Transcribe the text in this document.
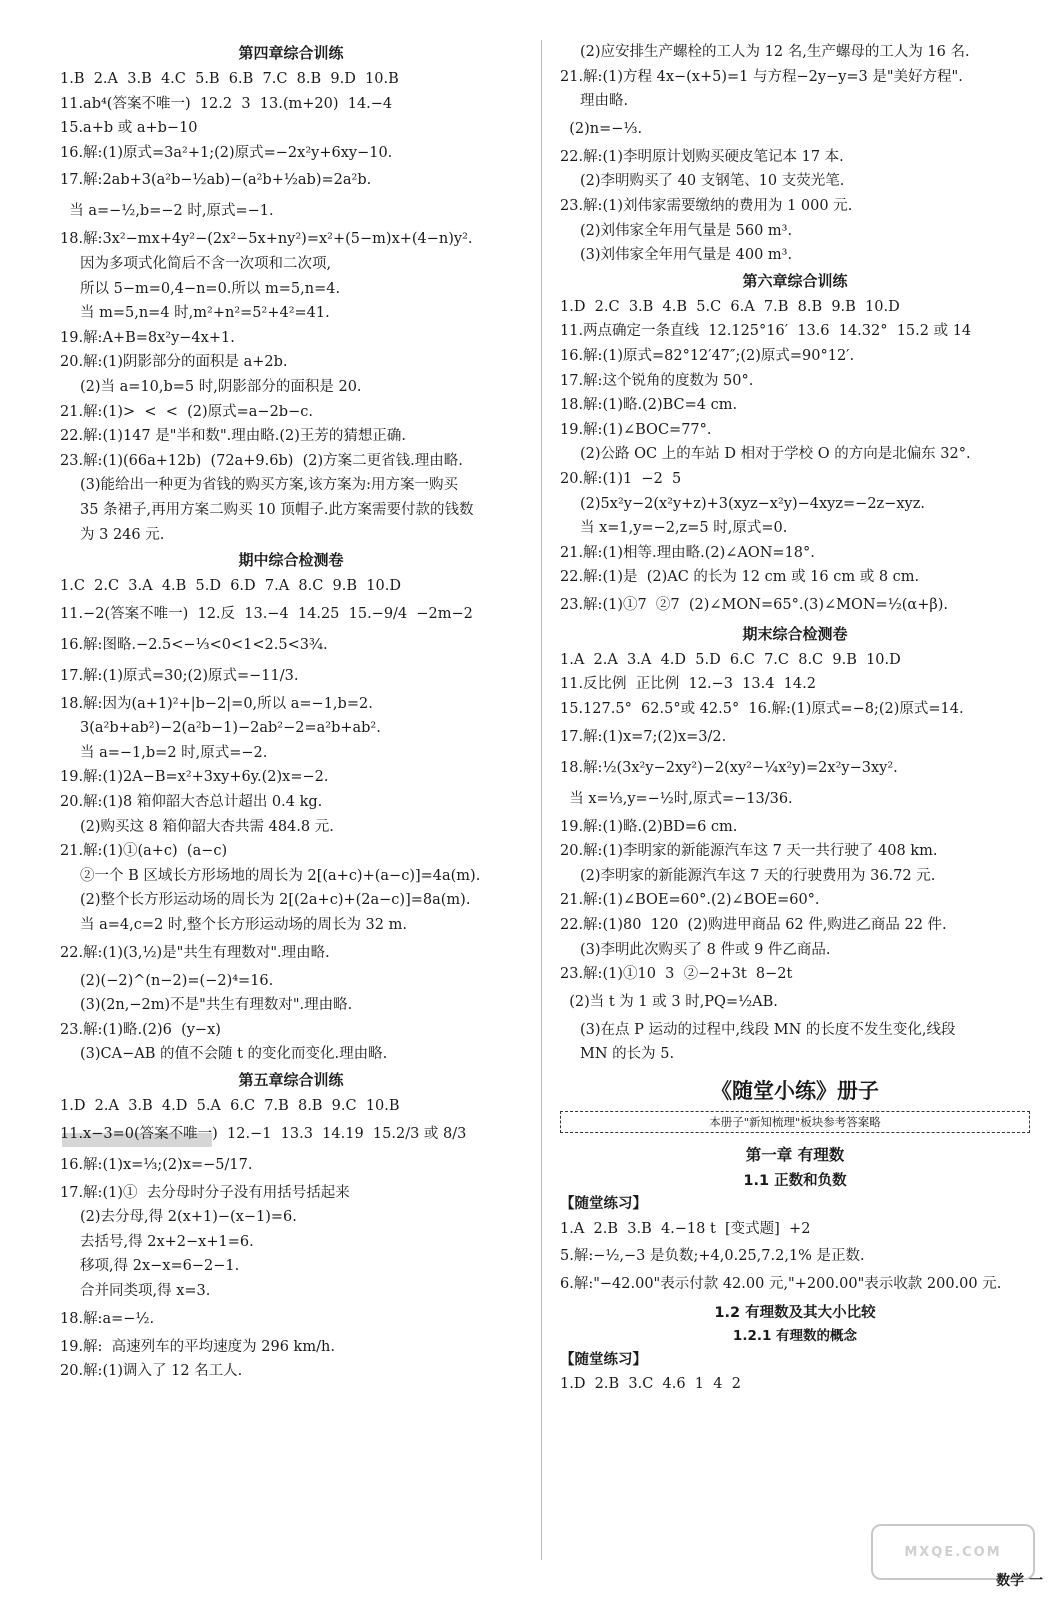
第四章综合训练
1.B  2.A  3.B  4.C  5.B  6.B  7.C  8.B  9.D  10.B
11.ab⁴(答案不唯一)  12.2  3  13.(m+20)  14.−4
15.a+b 或 a+b−10
16.解:(1)原式=3a²+1;(2)原式=−2x²y+6xy−10.
17.解:2ab+3(a²b−½ab)−(a²b+½ab)=2a²b.
当 a=−½,b=−2 时,原式=−1.
18.解:3x²−mx+4y²−(2x²−5x+ny²)=x²+(5−m)x+(4−n)y².
因为多项式化简后不含一次项和二次项,
所以 5−m=0,4−n=0.所以 m=5,n=4.
当 m=5,n=4 时,m²+n²=5²+4²=41.
19.解:A+B=8x²y−4x+1.
20.解:(1)阴影部分的面积是 a+2b.
(2)当 a=10,b=5 时,阴影部分的面积是 20.
21.解:(1)>  <  <  (2)原式=a−2b−c.
22.解:(1)147 是"半和数".理由略.(2)王芳的猜想正确.
23.解:(1)(66a+12b)  (72a+9.6b)  (2)方案二更省钱.理由略.
(3)能给出一种更为省钱的购买方案,该方案为:用方案一购买
35 条裙子,再用方案二购买 10 顶帽子.此方案需要付款的钱数
为 3 246 元.
期中综合检测卷
1.C  2.C  3.A  4.B  5.D  6.D  7.A  8.C  9.B  10.D
11.−2(答案不唯一)  12.反  13.−4  14.25  15.−9/4  −2m−2
16.解:图略.−2.5<−⅓<0<1<2.5<3¾.
17.解:(1)原式=30;(2)原式=−11/3.
18.解:因为(a+1)²+|b−2|=0,所以 a=−1,b=2.
3(a²b+ab²)−2(a²b−1)−2ab²−2=a²b+ab².
当 a=−1,b=2 时,原式=−2.
19.解:(1)2A−B=x²+3xy+6y.(2)x=−2.
20.解:(1)8 箱仰韶大杏总计超出 0.4 kg.
(2)购买这 8 箱仰韶大杏共需 484.8 元.
21.解:(1)①(a+c)  (a−c)
②一个 B 区域长方形场地的周长为 2[(a+c)+(a−c)]=4a(m).
(2)整个长方形运动场的周长为 2[(2a+c)+(2a−c)]=8a(m).
当 a=4,c=2 时,整个长方形运动场的周长为 32 m.
22.解:(1)(3,½)是"共生有理数对".理由略.
(2)(−2)^(n−2)=(−2)⁴=16.
(3)(2n,−2m)不是"共生有理数对".理由略.
23.解:(1)略.(2)6  (y−x)
(3)CA−AB 的值不会随 t 的变化而变化.理由略.
第五章综合训练
1.D  2.A  3.B  4.D  5.A  6.C  7.B  8.B  9.C  10.B
11.x−3=0(答案不唯一)  12.−1  13.3  14.19  15.2/3 或 8/3
16.解:(1)x=⅓;(2)x=−5/17.
17.解:(1)①  去分母时分子没有用括号括起来
(2)去分母,得 2(x+1)−(x−1)=6.
去括号,得 2x+2−x+1=6.
移项,得 2x−x=6−2−1.
合并同类项,得 x=3.
18.解:a=−½.
19.解:  高速列车的平均速度为 296 km/h.
20.解:(1)调入了 12 名工人.
(2)应安排生产螺栓的工人为 12 名,生产螺母的工人为 16 名.
21.解:(1)方程 4x−(x+5)=1 与方程−2y−y=3 是"美好方程".
理由略.
(2)n=−⅓.
22.解:(1)李明原计划购买硬皮笔记本 17 本.
(2)李明购买了 40 支钢笔、10 支荧光笔.
23.解:(1)刘伟家需要缴纳的费用为 1 000 元.
(2)刘伟家全年用气量是 560 m³.
(3)刘伟家全年用气量是 400 m³.
第六章综合训练
1.D  2.C  3.B  4.B  5.C  6.A  7.B  8.B  9.B  10.D
11.两点确定一条直线  12.125°16′  13.6  14.32°  15.2 或 14
16.解:(1)原式=82°12′47″;(2)原式=90°12′.
17.解:这个锐角的度数为 50°.
18.解:(1)略.(2)BC=4 cm.
19.解:(1)∠BOC=77°.
(2)公路 OC 上的车站 D 相对于学校 O 的方向是北偏东 32°.
20.解:(1)1  −2  5
(2)5x²y−2(x²y+z)+3(xyz−x²y)−4xyz=−2z−xyz.
当 x=1,y=−2,z=5 时,原式=0.
21.解:(1)相等.理由略.(2)∠AON=18°.
22.解:(1)是  (2)AC 的长为 12 cm 或 16 cm 或 8 cm.
23.解:(1)①7  ②7  (2)∠MON=65°.(3)∠MON=½(α+β).
期末综合检测卷
1.A  2.A  3.A  4.D  5.D  6.C  7.C  8.C  9.B  10.D
11.反比例  正比例  12.−3  13.4  14.2
15.127.5°  62.5°或 42.5°  16.解:(1)原式=−8;(2)原式=14.
17.解:(1)x=7;(2)x=3/2.
18.解:½(3x²y−2xy²)−2(xy²−¼x²y)=2x²y−3xy².
当 x=⅓,y=−½时,原式=−13/36.
19.解:(1)略.(2)BD=6 cm.
20.解:(1)李明家的新能源汽车这 7 天一共行驶了 408 km.
(2)李明家的新能源汽车这 7 天的行驶费用为 36.72 元.
21.解:(1)∠BOE=60°.(2)∠BOE=60°.
22.解:(1)80  120  (2)购进甲商品 62 件,购进乙商品 22 件.
(3)李明此次购买了 8 件或 9 件乙商品.
23.解:(1)①10  3  ②−2+3t  8−2t
(2)当 t 为 1 或 3 时,PQ=½AB.
(3)在点 P 运动的过程中,线段 MN 的长度不发生变化,线段
MN 的长为 5.
《随堂小练》册子
本册子"新知梳理"板块参考答案略
第一章 有理数
1.1 正数和负数
【随堂练习】
1.A  2.B  3.B  4.−18 t  [变式题]  +2
5.解:−½,−3 是负数;+4,0.25,7.2,1% 是正数.
6.解:"−42.00"表示付款 42.00 元,"+200.00"表示收款 200.00 元.
1.2 有理数及其大小比较
1.2.1 有理数的概念
【随堂练习】
1.D  2.B  3.C  4.6  1  4  2
MXQE.COM
数学 一
